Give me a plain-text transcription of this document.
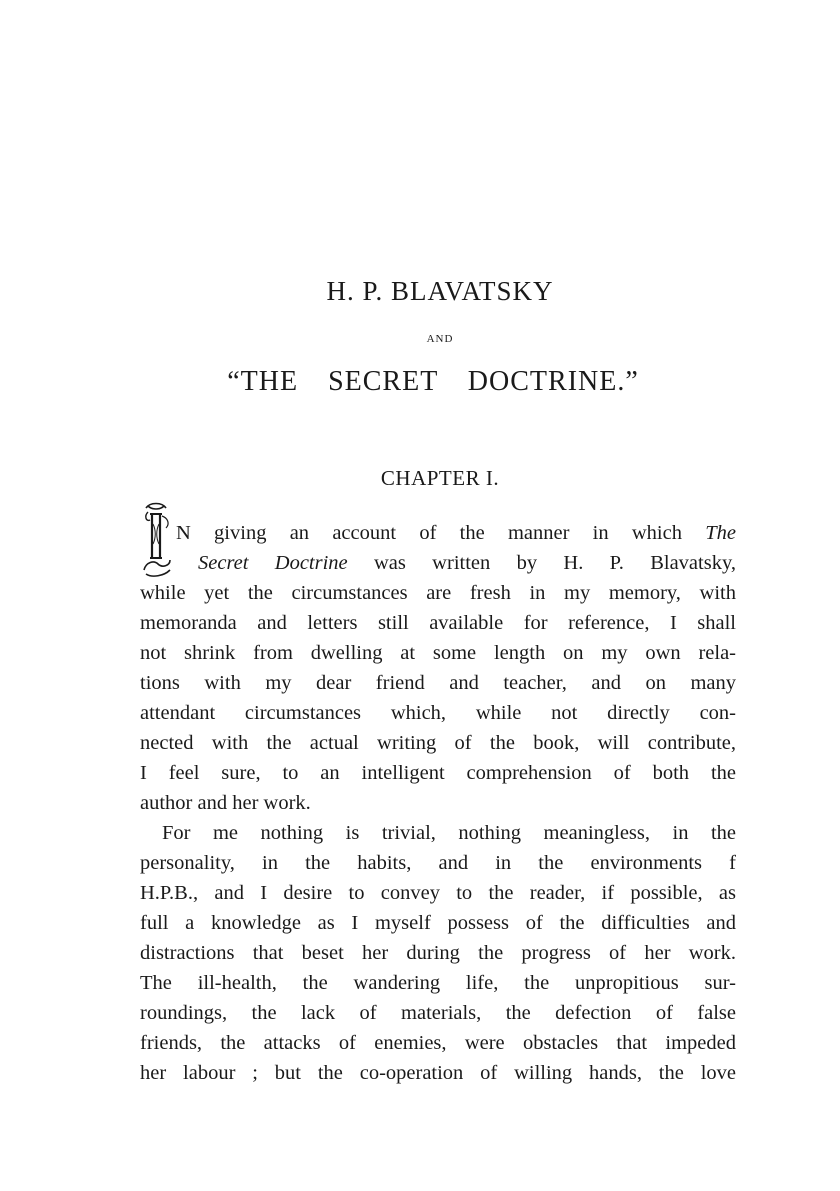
H. P. BLAVATSKY
AND
“THE SECRET DOCTRINE.”
CHAPTER I.
N giving an account of the manner in which The
Secret Doctrine was written by H. P. Blavatsky,
while yet the circumstances are fresh in my memory, with
memoranda and letters still available for reference, I shall
not shrink from dwelling at some length on my own rela-
tions with my dear friend and teacher, and on many
attendant circumstances which, while not directly con-
nected with the actual writing of the book, will contribute,
I feel sure, to an intelligent comprehension of both the
author and her work.
For me nothing is trivial, nothing meaningless, in the
personality, in the habits, and in the environments f
H.P.B., and I desire to convey to the reader, if possible, as
full a knowledge as I myself possess of the difficulties and
distractions that beset her during the progress of her work.
The ill-health, the wandering life, the unpropitious sur-
roundings, the lack of materials, the defection of false
friends, the attacks of enemies, were obstacles that impeded
her labour ; but the co-operation of willing hands, the love
